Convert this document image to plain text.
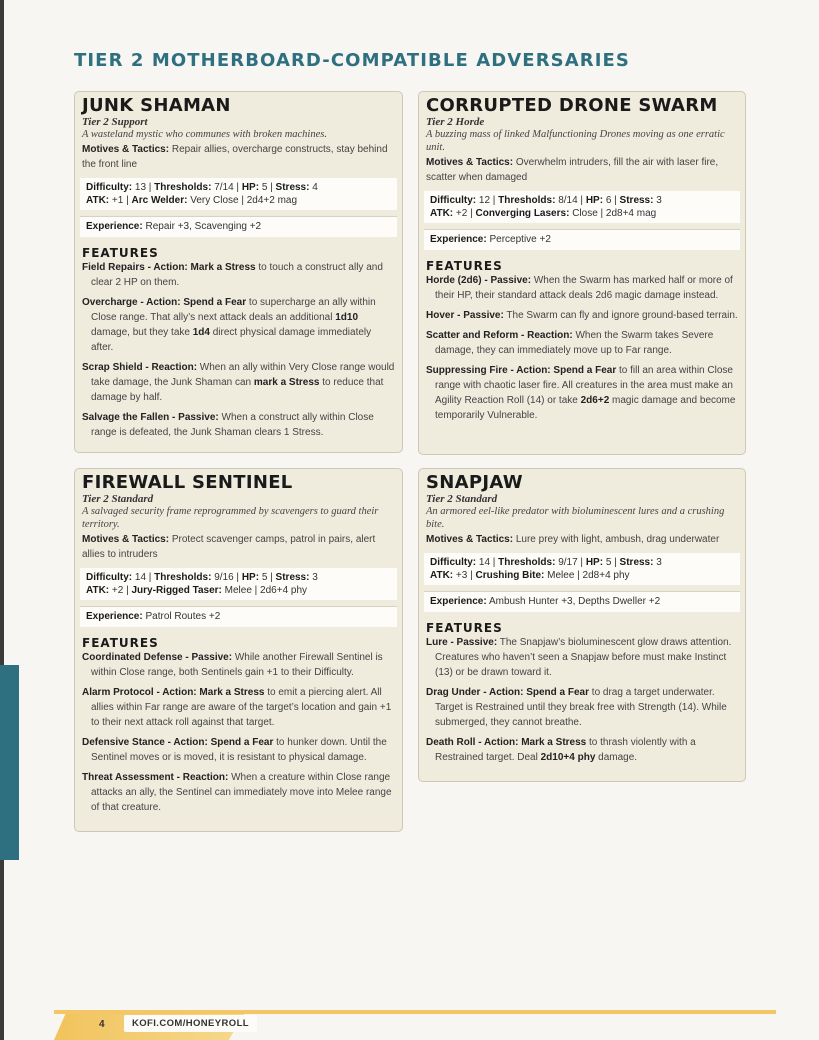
TIER 2 MOTHERBOARD-COMPATIBLE ADVERSARIES
JUNK SHAMAN
Tier 2 Support
A wasteland mystic who communes with broken machines.
Motives & Tactics: Repair allies, overcharge constructs, stay behind the front line
Difficulty: 13 | Thresholds: 7/14 | HP: 5 | Stress: 4
ATK: +1 | Arc Welder: Very Close | 2d4+2 mag
Experience: Repair +3, Scavenging +2
FEATURES
Field Repairs - Action: Mark a Stress to touch a construct ally and clear 2 HP on them.
Overcharge - Action: Spend a Fear to supercharge an ally within Close range. That ally’s next attack deals an additional 1d10 damage, but they take 1d4 direct physical damage immediately after.
Scrap Shield - Reaction: When an ally within Very Close range would take damage, the Junk Shaman can mark a Stress to reduce that damage by half.
Salvage the Fallen - Passive: When a construct ally within Close range is defeated, the Junk Shaman clears 1 Stress.
CORRUPTED DRONE SWARM
Tier 2 Horde
A buzzing mass of linked Malfunctioning Drones moving as one erratic unit.
Motives & Tactics: Overwhelm intruders, fill the air with laser fire, scatter when damaged
Difficulty: 12 | Thresholds: 8/14 | HP: 6 | Stress: 3
ATK: +2 | Converging Lasers: Close | 2d8+4 mag
Experience: Perceptive +2
FEATURES
Horde (2d6) - Passive: When the Swarm has marked half or more of their HP, their standard attack deals 2d6 magic damage instead.
Hover - Passive: The Swarm can fly and ignore ground-based terrain.
Scatter and Reform - Reaction: When the Swarm takes Severe damage, they can immediately move up to Far range.
Suppressing Fire - Action: Spend a Fear to fill an area within Close range with chaotic laser fire. All creatures in the area must make an Agility Reaction Roll (14) or take 2d6+2 magic damage and become temporarily Vulnerable.
FIREWALL SENTINEL
Tier 2 Standard
A salvaged security frame reprogrammed by scavengers to guard their territory.
Motives & Tactics: Protect scavenger camps, patrol in pairs, alert allies to intruders
Difficulty: 14 | Thresholds: 9/16 | HP: 5 | Stress: 3
ATK: +2 | Jury-Rigged Taser: Melee | 2d6+4 phy
Experience: Patrol Routes +2
FEATURES
Coordinated Defense - Passive: While another Firewall Sentinel is within Close range, both Sentinels gain +1 to their Difficulty.
Alarm Protocol - Action: Mark a Stress to emit a piercing alert. All allies within Far range are aware of the target’s location and gain +1 to their next attack roll against that target.
Defensive Stance - Action: Spend a Fear to hunker down. Until the Sentinel moves or is moved, it is resistant to physical damage.
Threat Assessment - Reaction: When a creature within Close range attacks an ally, the Sentinel can immediately move into Melee range of that creature.
SNAPJAW
Tier 2 Standard
An armored eel-like predator with bioluminescent lures and a crushing bite.
Motives & Tactics: Lure prey with light, ambush, drag underwater
Difficulty: 14 | Thresholds: 9/17 | HP: 5 | Stress: 3
ATK: +3 | Crushing Bite: Melee | 2d8+4 phy
Experience: Ambush Hunter +3, Depths Dweller +2
FEATURES
Lure - Passive: The Snapjaw’s bioluminescent glow draws attention. Creatures who haven’t seen a Snapjaw before must make Instinct (13) or be drawn toward it.
Drag Under - Action: Spend a Fear to drag a target underwater. Target is Restrained until they break free with Strength (14). While submerged, they cannot breathe.
Death Roll - Action: Mark a Stress to thrash violently with a Restrained target. Deal 2d10+4 phy damage.
4	KOFI.COM/HONEYROLL
